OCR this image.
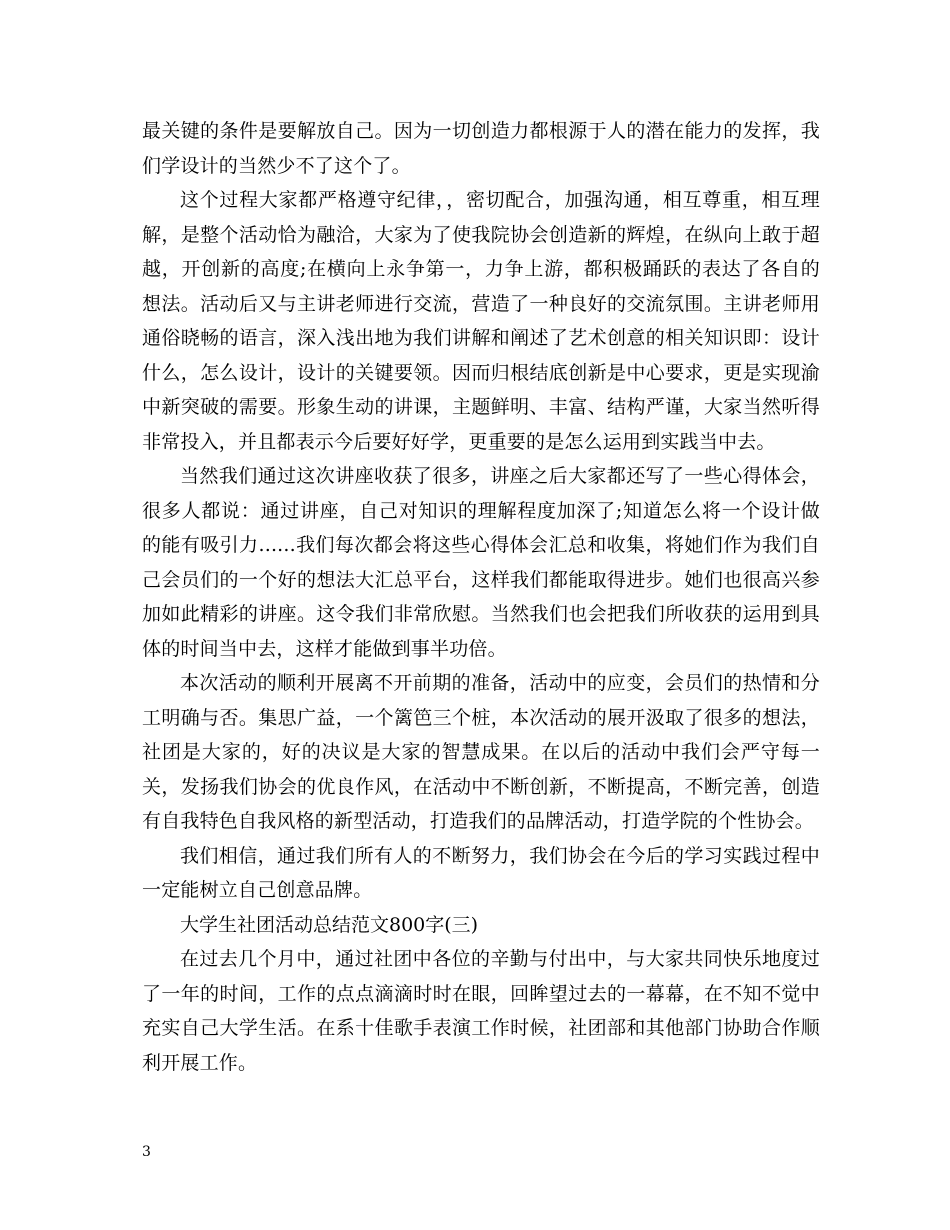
最关键的条件是要解放自己。因为一切创造力都根源于人的潜在能力的发挥，我们学设计的当然少不了这个了。

这个过程大家都严格遵守纪律，，密切配合，加强沟通，相互尊重，相互理解，是整个活动恰为融洽，大家为了使我院协会创造新的辉煌，在纵向上敢于超越，开创新的高度;在横向上永争第一，力争上游，都积极踊跃的表达了各自的想法。活动后又与主讲老师进行交流，营造了一种良好的交流氛围。主讲老师用通俗晓畅的语言，深入浅出地为我们讲解和阐述了艺术创意的相关知识即：设计什么，怎么设计，设计的关键要领。因而归根结底创新是中心要求，更是实现渝中新突破的需要。形象生动的讲课，主题鲜明、丰富、结构严谨，大家当然听得非常投入，并且都表示今后要好好学，更重要的是怎么运用到实践当中去。

当然我们通过这次讲座收获了很多，讲座之后大家都还写了一些心得体会，很多人都说：通过讲座，自己对知识的理解程度加深了;知道怎么将一个设计做的能有吸引力......我们每次都会将这些心得体会汇总和收集，将她们作为我们自己会员们的一个好的想法大汇总平台，这样我们都能取得进步。她们也很高兴参加如此精彩的讲座。这令我们非常欣慰。当然我们也会把我们所收获的运用到具体的时间当中去，这样才能做到事半功倍。

本次活动的顺利开展离不开前期的准备，活动中的应变，会员们的热情和分工明确与否。集思广益，一个篱笆三个桩，本次活动的展开汲取了很多的想法，社团是大家的，好的决议是大家的智慧成果。在以后的活动中我们会严守每一关，发扬我们协会的优良作风，在活动中不断创新，不断提高，不断完善，创造有自我特色自我风格的新型活动，打造我们的品牌活动，打造学院的个性协会。

我们相信，通过我们所有人的不断努力，我们协会在今后的学习实践过程中一定能树立自己创意品牌。

大学生社团活动总结范文800字(三)

在过去几个月中，通过社团中各位的辛勤与付出中，与大家共同快乐地度过了一年的时间，工作的点点滴滴时时在眼，回眸望过去的一幕幕，在不知不觉中充实自己大学生活。在系十佳歌手表演工作时候，社团部和其他部门协助合作顺利开展工作。

3
